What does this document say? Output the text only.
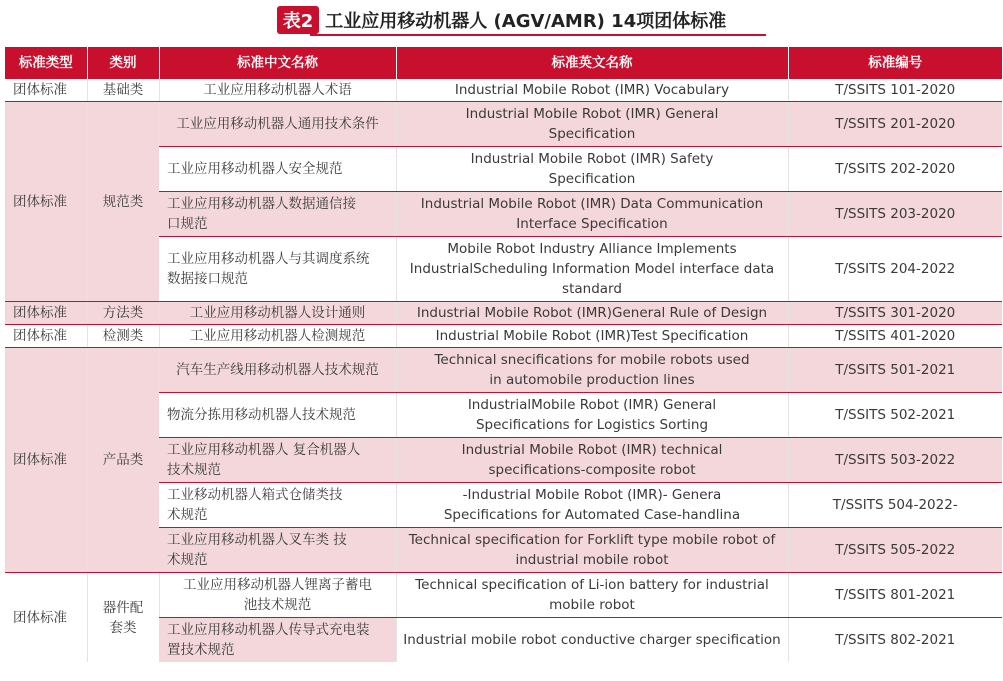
表2 工业应用移动机器人 (AGV/AMR) 14项团体标准
标准类型	类别	标准中文名称	标准英文名称	标准编号
团体标准	基础类	工业应用移动机器人术语	Industrial Mobile Robot (IMR) Vocabulary	T/SSITS 101-2020
团体标准	规范类	工业应用移动机器人通用技术条件	Industrial Mobile Robot (IMR) General
Specification	T/SSITS 201-2020
		工业应用移动机器人安全规范	Industrial Mobile Robot (IMR) Safety
Specification	T/SSITS 202-2020
		工业应用移动机器人数据通信接
口规范	Industrial Mobile Robot (IMR) Data Communication
Interface Specification	T/SSITS 203-2020
		工业应用移动机器人与其调度系统
数据接口规范	Mobile Robot Industry Alliance Implements
IndustrialScheduling Information Model interface data
standard	T/SSITS 204-2022
团体标准	方法类	工业应用移动机器人设计通则	Industrial Mobile Robot (IMR)General Rule of Design	T/SSITS 301-2020
团体标准	检测类	工业应用移动机器人检测规范	Industrial Mobile Robot (IMR)Test Specification	T/SSITS 401-2020
团体标准	产品类	汽车生产线用移动机器人技术规范	Technical snecifications for mobile robots used
in automobile production lines	T/SSITS 501-2021
		物流分拣用移动机器人技术规范	IndustrialMobile Robot (IMR) General
Specifications for Logistics Sorting	T/SSITS 502-2021
		工业应用移动机器人 复合机器人
技术规范	Industrial Mobile Robot (IMR) technical
specifications-composite robot	T/SSITS 503-2022
		工业移动机器人箱式仓储类技
术规范	-Industrial Mobile Robot (IMR)- Genera
Specifications for Automated Case-handlina	T/SSITS 504-2022-
		工业应用移动机器人叉车类 技
术规范	Technical specification for Forklift type mobile robot of
industrial mobile robot	T/SSITS 505-2022
团体标准	器件配
套类	工业应用移动机器人锂离子蓄电
池技术规范	Technical specification of Li-ion battery for industrial
mobile robot	T/SSITS 801-2021
		工业应用移动机器人传导式充电装
置技术规范	Industrial mobile robot conductive charger specification	T/SSITS 802-2021
